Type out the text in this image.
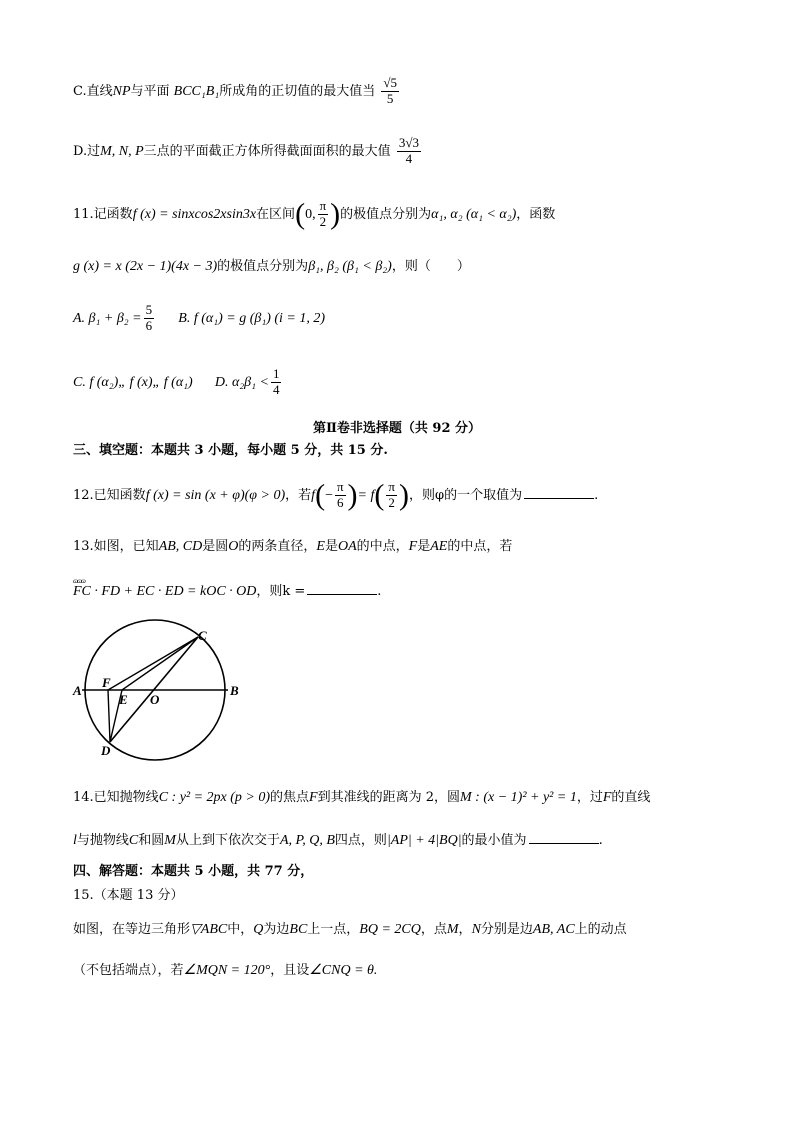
C.直线NP与平面 BCC₁B₁所成角的正切值的最大值当 $\frac{√5}{5}$
D.过M, N, P三点的平面截正方体所得截面面积的最大值 $\frac{3√3}{4}$
11.记函数f (x) = sinxcos2xsin3x在区间(0, $\frac{\pi}{2}$ )的极值点分别为α₁, α₂ (α₁ < α₂)，函数
g (x) = x (2x − 1)(4x − 3)的极值点分别为β₁, β₂ (β₁ < β₂)，则（　　）
A. $\beta_1 + \beta_2 = \frac{5}{6} B$. f (α₁) = g (β₁) (i = 1, 2)
C. f (α₂)„ f (x)„ f (α₁) D. $\alpha_2\beta_1 < \frac{1}{4}$
第Ⅱ卷非选择题（共 92 分）
三、填空题：本题共 3 小题，每小题 5 分，共 15 分.
12.已知函数f (x) = sin (x + φ)(φ > 0)，若$f(- \frac{\pi}{6}$ )= $f( \frac{\pi}{2}$ )，则φ的一个取值为	.
13.如图，已知AB, CD是圆O的两条直径，E是OA的中点，F是AE的中点，若
ɷɷɷ FC · FD + EC · ED = kOC · OD，则k =	.
A	B
C
D
E
F
O
14.已知抛物线C : y² = 2px (p > 0)的焦点F到其准线的距离为 2，圆M : (x − 1)² + y² = 1，过F的直线
l与抛物线C和圆M从上到下依次交于A, P, Q, B四点，则|AP| + 4|BQ|的最小值为	.
四、解答题：本题共 5 小题，共 77 分，
15.（本题 13 分）
如图，在等边三角形▽ABC中，Q为边BC上一点，BQ = 2CQ，点M，N分别是边AB, AC上的动点
（不包括端点），若∠MQN = 120°，且设∠CNQ = θ.
